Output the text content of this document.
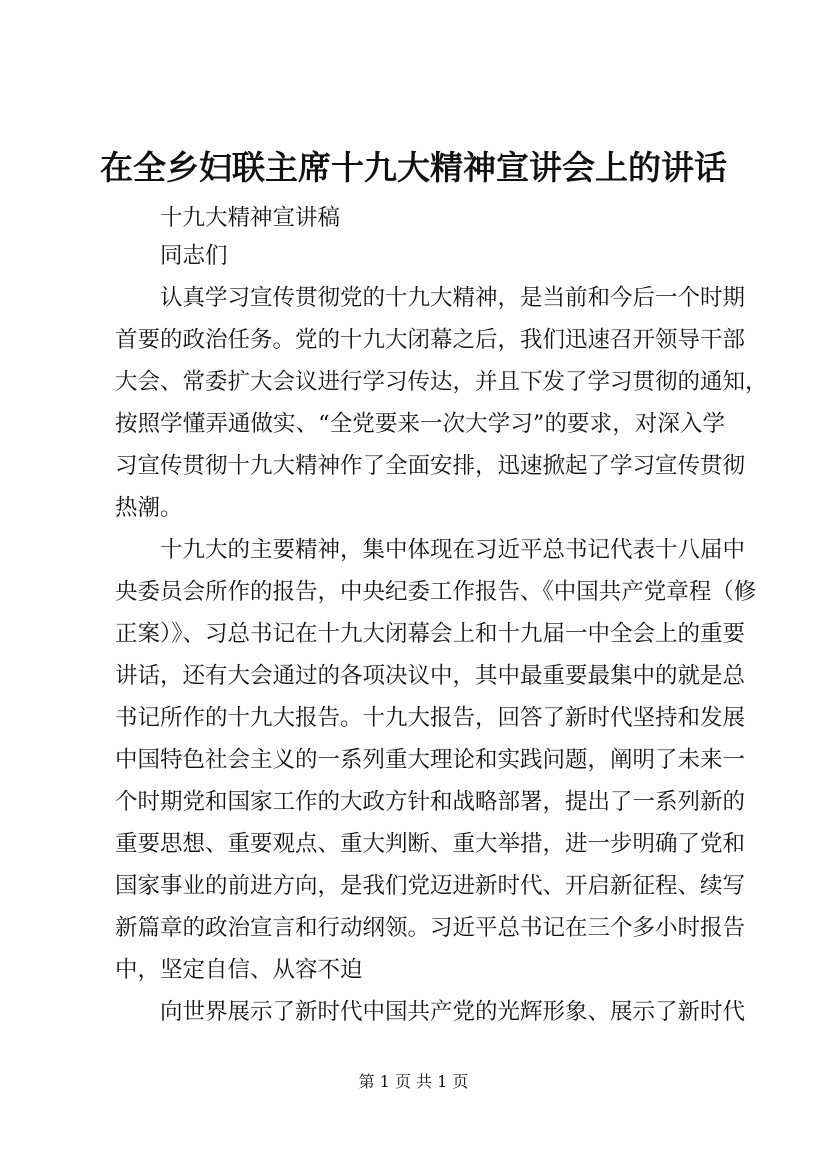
在全乡妇联主席十九大精神宣讲会上的讲话
十九大精神宣讲稿
同志们
认真学习宣传贯彻党的十九大精神，是当前和今后一个时期
首要的政治任务。党的十九大闭幕之后，我们迅速召开领导干部
大会、常委扩大会议进行学习传达，并且下发了学习贯彻的通知，
按照学懂弄通做实、“全党要来一次大学习”的要求，对深入学
习宣传贯彻十九大精神作了全面安排，迅速掀起了学习宣传贯彻
热潮。
十九大的主要精神，集中体现在习近平总书记代表十八届中
央委员会所作的报告，中央纪委工作报告、《中国共产党章程（修
正案）》、习总书记在十九大闭幕会上和十九届一中全会上的重要
讲话，还有大会通过的各项决议中，其中最重要最集中的就是总
书记所作的十九大报告。十九大报告，回答了新时代坚持和发展
中国特色社会主义的一系列重大理论和实践问题，阐明了未来一
个时期党和国家工作的大政方针和战略部署，提出了一系列新的
重要思想、重要观点、重大判断、重大举措，进一步明确了党和
国家事业的前进方向，是我们党迈进新时代、开启新征程、续写
新篇章的政治宣言和行动纲领。习近平总书记在三个多小时报告
中，坚定自信、从容不迫
向世界展示了新时代中国共产党的光辉形象、展示了新时代
第 1 页 共 1 页
